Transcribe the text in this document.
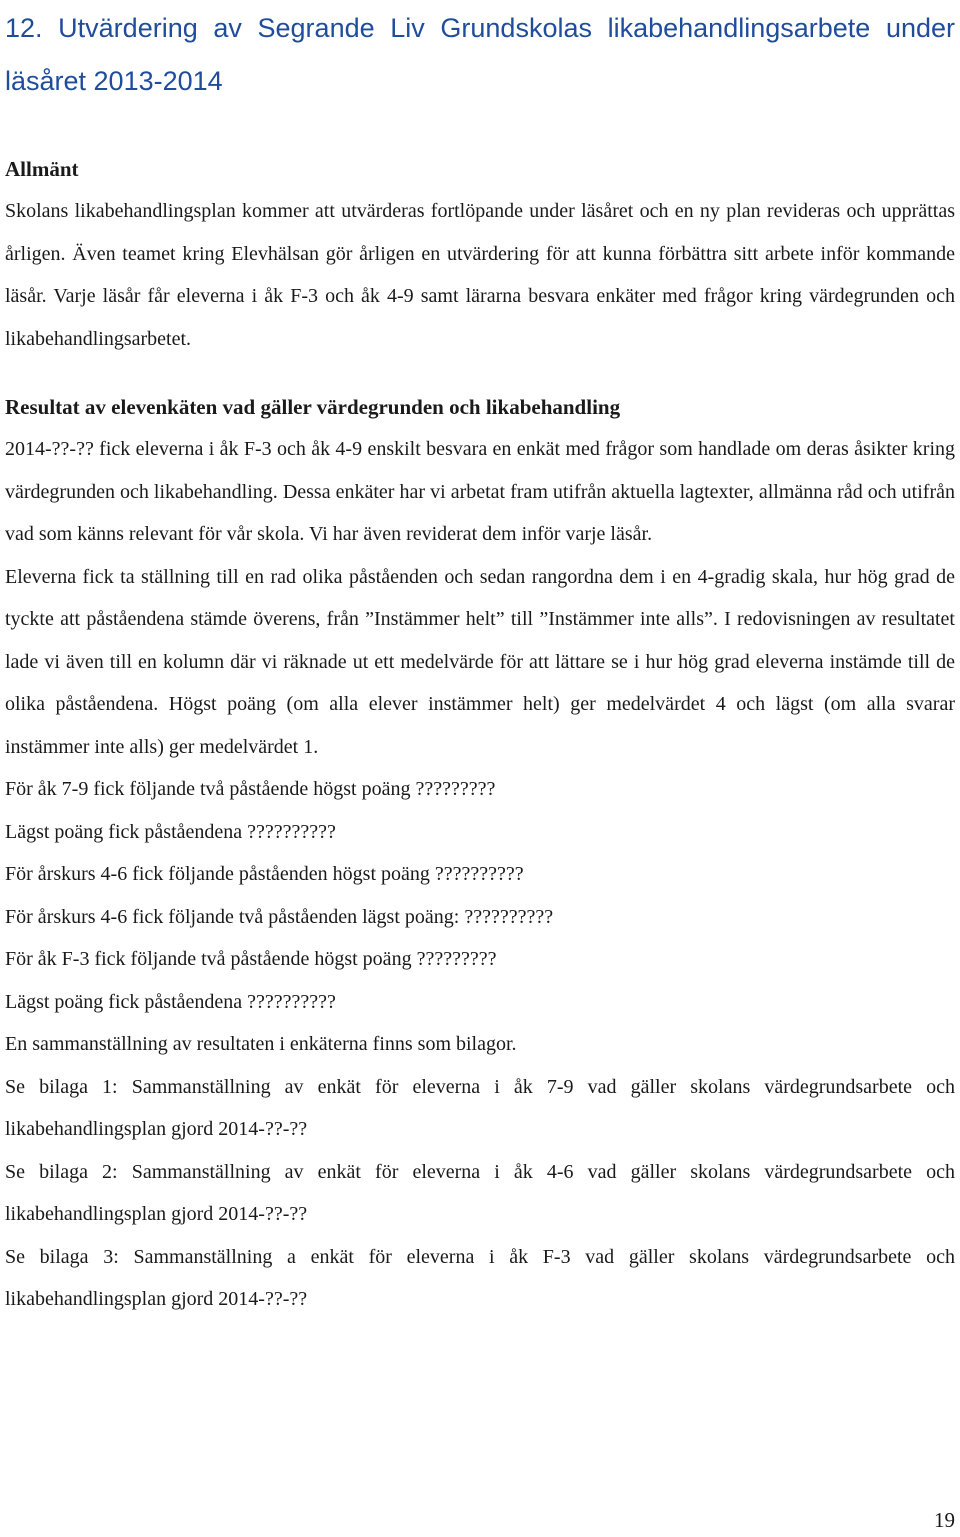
12. Utvärdering av Segrande Liv Grundskolas likabehandlingsarbete under läsåret 2013-2014
Allmänt

Skolans likabehandlingsplan kommer att utvärderas fortlöpande under läsåret och en ny plan revideras och upprättas årligen. Även teamet kring Elevhälsan gör årligen en utvärdering för att kunna förbättra sitt arbete inför kommande läsår. Varje läsår får eleverna i åk F-3 och åk 4-9 samt lärarna besvara enkäter med frågor kring värdegrunden och likabehandlingsarbetet.

Resultat av elevenkäten vad gäller värdegrunden och likabehandling

2014-??-?? fick eleverna i åk F-3 och åk 4-9 enskilt besvara en enkät med frågor som handlade om deras åsikter kring värdegrunden och likabehandling. Dessa enkäter har vi arbetat fram utifrån aktuella lagtexter, allmänna råd och utifrån vad som känns relevant för vår skola. Vi har även reviderat dem inför varje läsår.

Eleverna fick ta ställning till en rad olika påståenden och sedan rangordna dem i en 4-gradig skala, hur hög grad de tyckte att påståendena stämde överens, från ”Instämmer helt” till ”Instämmer inte alls”. I redovisningen av resultatet lade vi även till en kolumn där vi räknade ut ett medelvärde för att lättare se i hur hög grad eleverna instämde till de olika påståendena. Högst poäng (om alla elever instämmer helt) ger medelvärdet 4 och lägst (om alla svarar instämmer inte alls) ger medelvärdet 1.

För åk 7-9 fick följande två påstående högst poäng ?????????

Lägst poäng fick påståendena ??????????

För årskurs 4-6 fick följande påståenden högst poäng ??????????

För årskurs 4-6 fick följande två påståenden lägst poäng: ??????????

För åk F-3 fick följande två påstående högst poäng ?????????

Lägst poäng fick påståendena ??????????

En sammanställning av resultaten i enkäterna finns som bilagor.

Se bilaga 1: Sammanställning av enkät för eleverna i åk 7-9 vad gäller skolans värdegrundsarbete och likabehandlingsplan gjord 2014-??-??

Se bilaga 2: Sammanställning av enkät för eleverna i åk 4-6 vad gäller skolans värdegrundsarbete och likabehandlingsplan gjord 2014-??-??

Se bilaga 3: Sammanställning a enkät för eleverna i åk F-3 vad gäller skolans värdegrundsarbete och likabehandlingsplan gjord 2014-??-??

19
